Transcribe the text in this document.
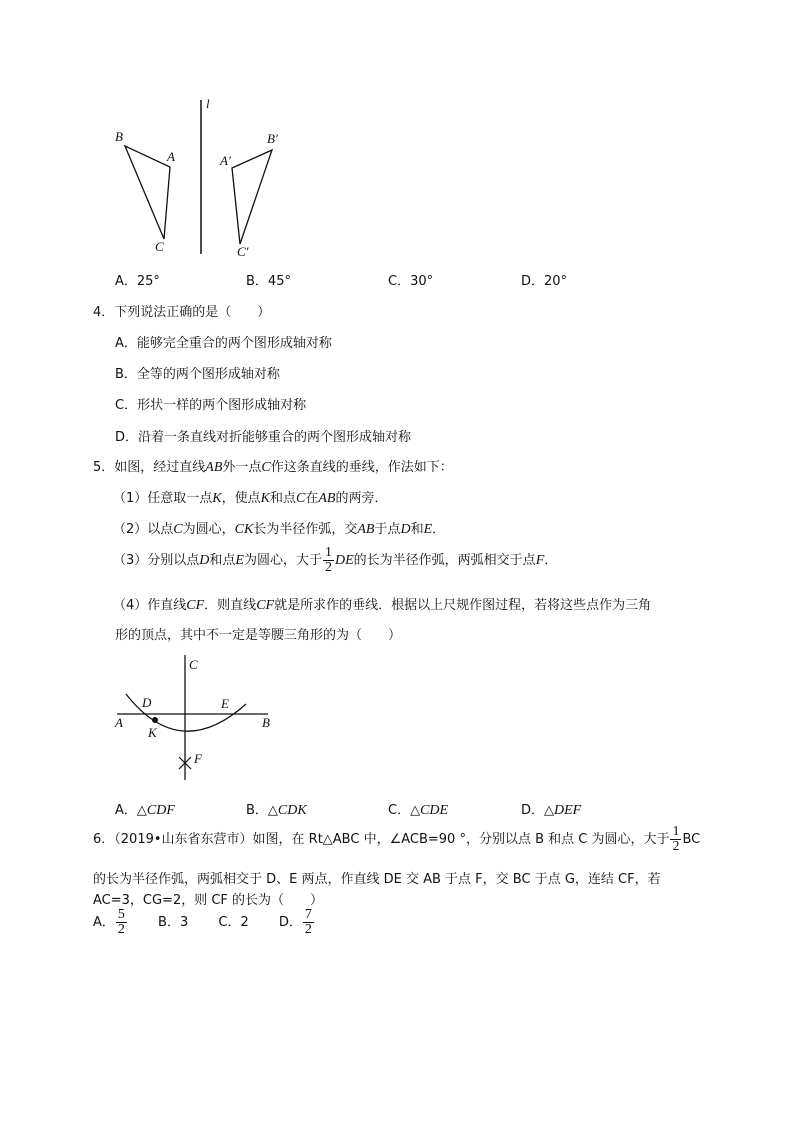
l
B
A
C
B′
A′
C′
A．25°	B．45°	C．30°	D．20°
4．下列说法正确的是（　　）
A．能够完全重合的两个图形成轴对称
B．全等的两个图形成轴对称
C．形状一样的两个图形成轴对称
D．沿着一条直线对折能够重合的两个图形成轴对称
5．如图，经过直线AB外一点C作这条直线的垂线，作法如下：
（1）任意取一点K，使点K和点C在AB的两旁．
（2）以点C为圆心，CK长为半径作弧，交AB于点D和E．
（3）分别以点D和点E为圆心，大于 $\frac{1}{2}$ DE的长为半径作弧，两弧相交于点F．
（4）作直线CF．则直线CF就是所求作的垂线．根据以上尺规作图过程，若将这些点作为三角
形的顶点，其中不一定是等腰三角形的为（　　）
C
D	E
A	B
K
F
A．△CDF	B．△CDK	C．△CDE	D．△DEF
6．（2019•山东省东营市）如图，在 Rt△ABC 中，∠ACB=90 °，分别以点 B 和点 C 为圆心，大于 $\frac{1}{2}$ BC
的长为半径作弧，两弧相交于 D、E 两点，作直线 DE 交 AB 于点 F，交 BC 于点 G，连结 CF，若
AC=3，CG=2，则 CF 的长为（　　）
A． $\frac{5}{2}$ B．3 C．2 D． $\frac{7}{2}$
